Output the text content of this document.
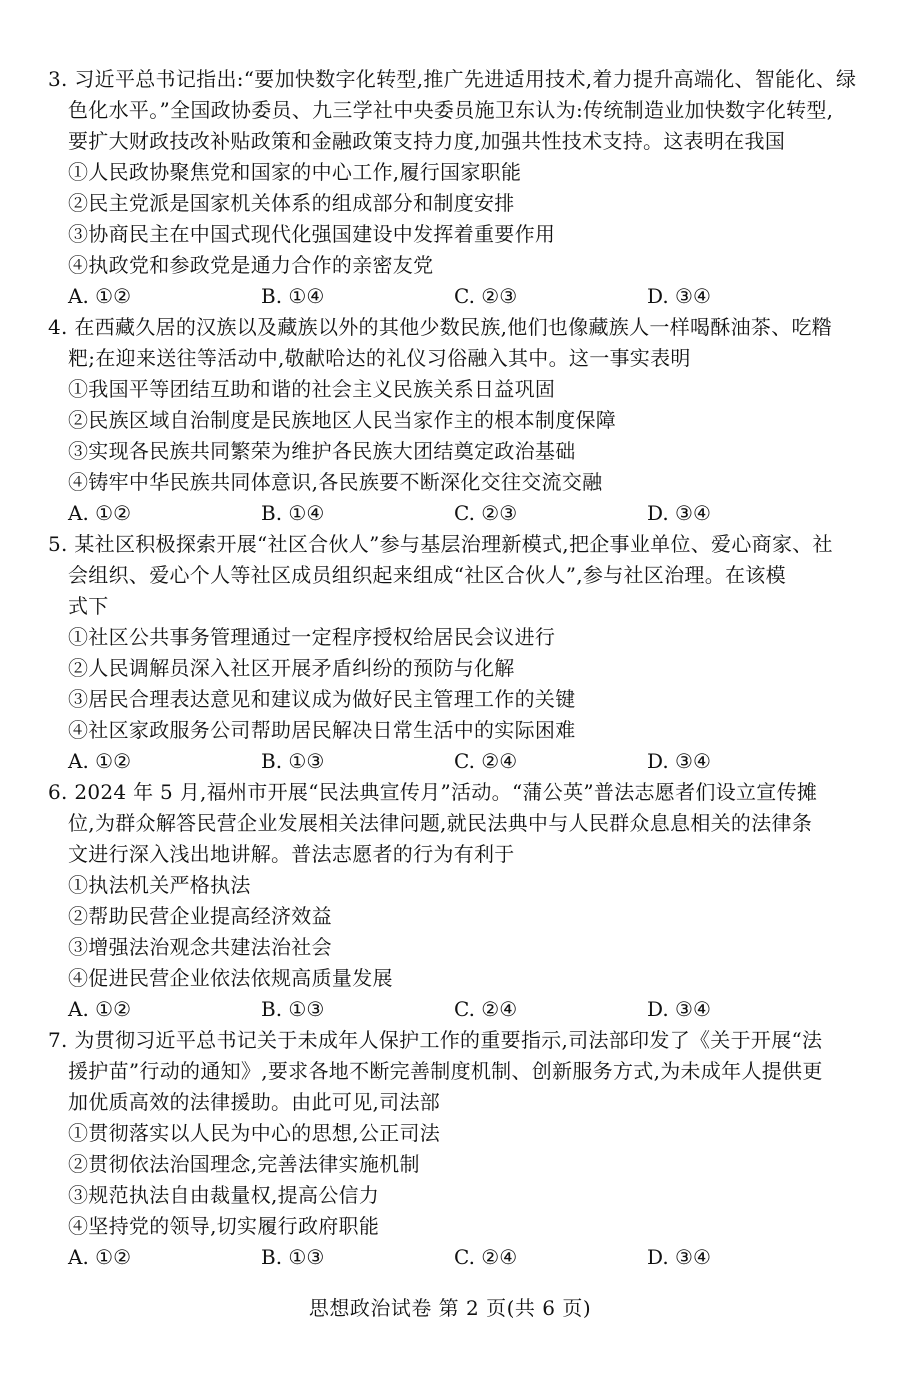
3. 习近平总书记指出:“要加快数字化转型,推广先进适用技术,着力提升高端化、智能化、绿
色化水平。”全国政协委员、九三学社中央委员施卫东认为:传统制造业加快数字化转型,
要扩大财政技改补贴政策和金融政策支持力度,加强共性技术支持。这表明在我国
①人民政协聚焦党和国家的中心工作,履行国家职能
②民主党派是国家机关体系的组成部分和制度安排
③协商民主在中国式现代化强国建设中发挥着重要作用
④执政党和参政党是通力合作的亲密友党
A. ①②	B. ①④	C. ②③	D. ③④
4. 在西藏久居的汉族以及藏族以外的其他少数民族,他们也像藏族人一样喝酥油茶、吃糌
粑;在迎来送往等活动中,敬献哈达的礼仪习俗融入其中。这一事实表明
①我国平等团结互助和谐的社会主义民族关系日益巩固
②民族区域自治制度是民族地区人民当家作主的根本制度保障
③实现各民族共同繁荣为维护各民族大团结奠定政治基础
④铸牢中华民族共同体意识,各民族要不断深化交往交流交融
A. ①②	B. ①④	C. ②③	D. ③④
5. 某社区积极探索开展“社区合伙人”参与基层治理新模式,把企事业单位、爱心商家、社
会组织、爱心个人等社区成员组织起来组成“社区合伙人”,参与社区治理。在该模
式下
①社区公共事务管理通过一定程序授权给居民会议进行
②人民调解员深入社区开展矛盾纠纷的预防与化解
③居民合理表达意见和建议成为做好民主管理工作的关键
④社区家政服务公司帮助居民解决日常生活中的实际困难
A. ①②	B. ①③	C. ②④	D. ③④
6. 2024 年 5 月,福州市开展“民法典宣传月”活动。“蒲公英”普法志愿者们设立宣传摊
位,为群众解答民营企业发展相关法律问题,就民法典中与人民群众息息相关的法律条
文进行深入浅出地讲解。普法志愿者的行为有利于
①执法机关严格执法
②帮助民营企业提高经济效益
③增强法治观念共建法治社会
④促进民营企业依法依规高质量发展
A. ①②	B. ①③	C. ②④	D. ③④
7. 为贯彻习近平总书记关于未成年人保护工作的重要指示,司法部印发了《关于开展“法
援护苗”行动的通知》,要求各地不断完善制度机制、创新服务方式,为未成年人提供更
加优质高效的法律援助。由此可见,司法部
①贯彻落实以人民为中心的思想,公正司法
②贯彻依法治国理念,完善法律实施机制
③规范执法自由裁量权,提高公信力
④坚持党的领导,切实履行政府职能
A. ①②	B. ①③	C. ②④	D. ③④
思想政治试卷 第 2 页(共 6 页)
